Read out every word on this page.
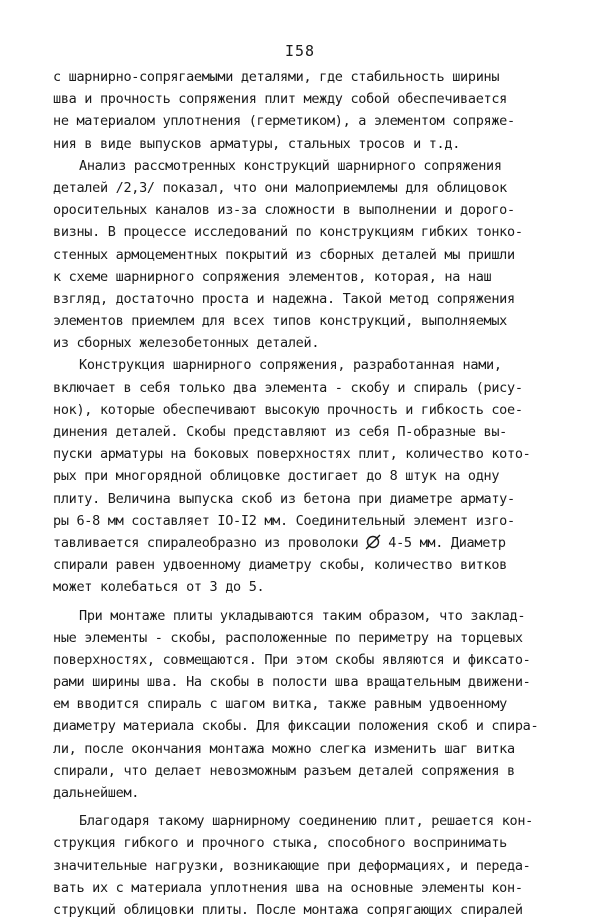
I58
с шарнирно-сопрягаемыми деталями, где стабильность ширины
шва и прочность сопряжения плит между собой обеспечивается
не материалом уплотнения (герметиком), а элементом сопряже-
ния в виде выпусков арматуры, стальных тросов и т.д.
Анализ рассмотренных конструкций шарнирного сопряжения
деталей /2,3/ показал, что они малоприемлемы для облицовок
оросительных каналов из-за сложности в выполнении и дорого-
визны. В процессе исследований по конструкциям гибких тонко-
стенных армоцементных покрытий из сборных деталей мы пришли
к схеме шарнирного сопряжения элементов, которая, на наш
взгляд, достаточно проста и надежна. Такой метод сопряжения
элементов приемлем для всех типов конструкций, выполняемых
из сборных железобетонных деталей.
Конструкция шарнирного сопряжения, разработанная нами,
включает в себя только два элемента - скобу и спираль (рису-
нок), которые обеспечивают высокую прочность и гибкость сое-
динения деталей. Скобы представляют из себя П-образные вы-
пуски арматуры на боковых поверхностях плит, количество кото-
рых при многорядной облицовке достигает до 8 штук на одну
плиту. Величина выпуска скоб из бетона при диаметре армату-
ры 6-8 мм составляет IO-I2 мм. Соединительный элемент изго-
тавливается спиралеобразно из проволоки 4-5 мм. Диаметр
спирали равен удвоенному диаметру скобы, количество витков
может колебаться от 3 до 5.
При монтаже плиты укладываются таким образом, что заклад-
ные элементы - скобы, расположенные по периметру на торцевых
поверхностях, совмещаются. При этом скобы являются и фиксато-
рами ширины шва. На скобы в полости шва вращательным движени-
ем вводится спираль с шагом витка, также равным удвоенному
диаметру материала скобы. Для фиксации положения скоб и спира-
ли, после окончания монтажа можно слегка изменить шаг витка
спирали, что делает невозможным разъем деталей сопряжения в
дальнейшем.
Благодаря такому шарнирному соединению плит, решается кон-
струкция гибкого и прочного стыка, способного воспринимать
значительные нагрузки, возникающие при деформациях, и переда-
вать их с материала уплотнения шва на основные элементы кон-
струкций облицовки плиты. После монтажа сопрягающих спиралей
